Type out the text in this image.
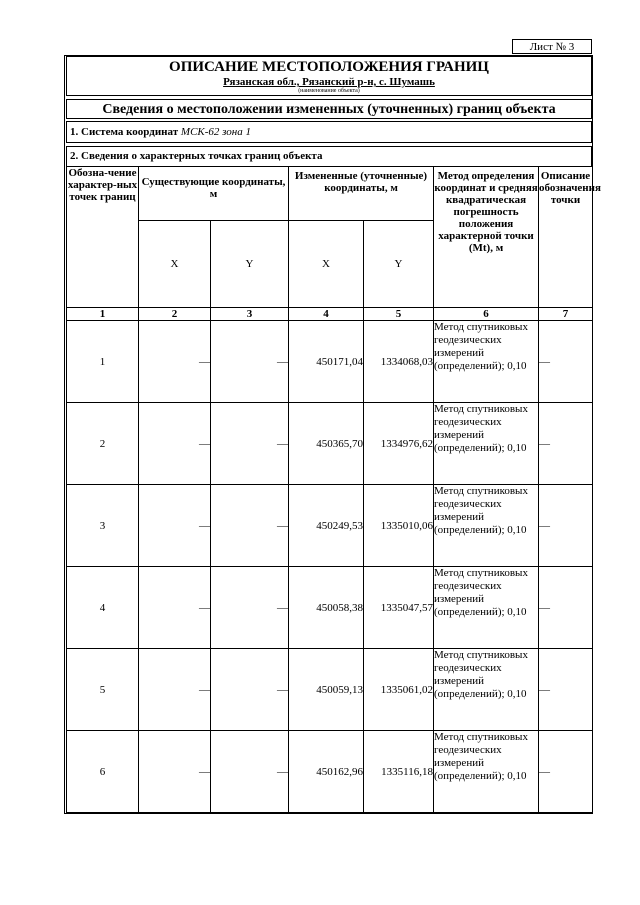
Лист № 3
ОПИСАНИЕ МЕСТОПОЛОЖЕНИЯ ГРАНИЦ
Рязанская обл., Рязанский р-н, с. Шумашь
(наименование объекта)
Сведения о местоположении измененных (уточненных) границ объекта
1. Система координат МСК-62 зона 1
2. Сведения о характерных точках границ объекта
Обозна-чение характер-ных точек границ	Существующие координаты, м		Измененные (уточненные) координаты, м		Метод определения координат и средняя квадратическая погрешность положения характерной точки (Mt), м	Описание обозначения точки
	X	Y	X	Y		
1	2	3	4	5	6	7
1	—	—	450171,04	1334068,03	Метод спутниковых геодезических измерений (определений); 0,10	—
2	—	—	450365,70	1334976,62	Метод спутниковых геодезических измерений (определений); 0,10	—
3	—	—	450249,53	1335010,06	Метод спутниковых геодезических измерений (определений); 0,10	—
4	—	—	450058,38	1335047,57	Метод спутниковых геодезических измерений (определений); 0,10	—
5	—	—	450059,13	1335061,02	Метод спутниковых геодезических измерений (определений); 0,10	—
6	—	—	450162,96	1335116,18	Метод спутниковых геодезических измерений (определений); 0,10	—
